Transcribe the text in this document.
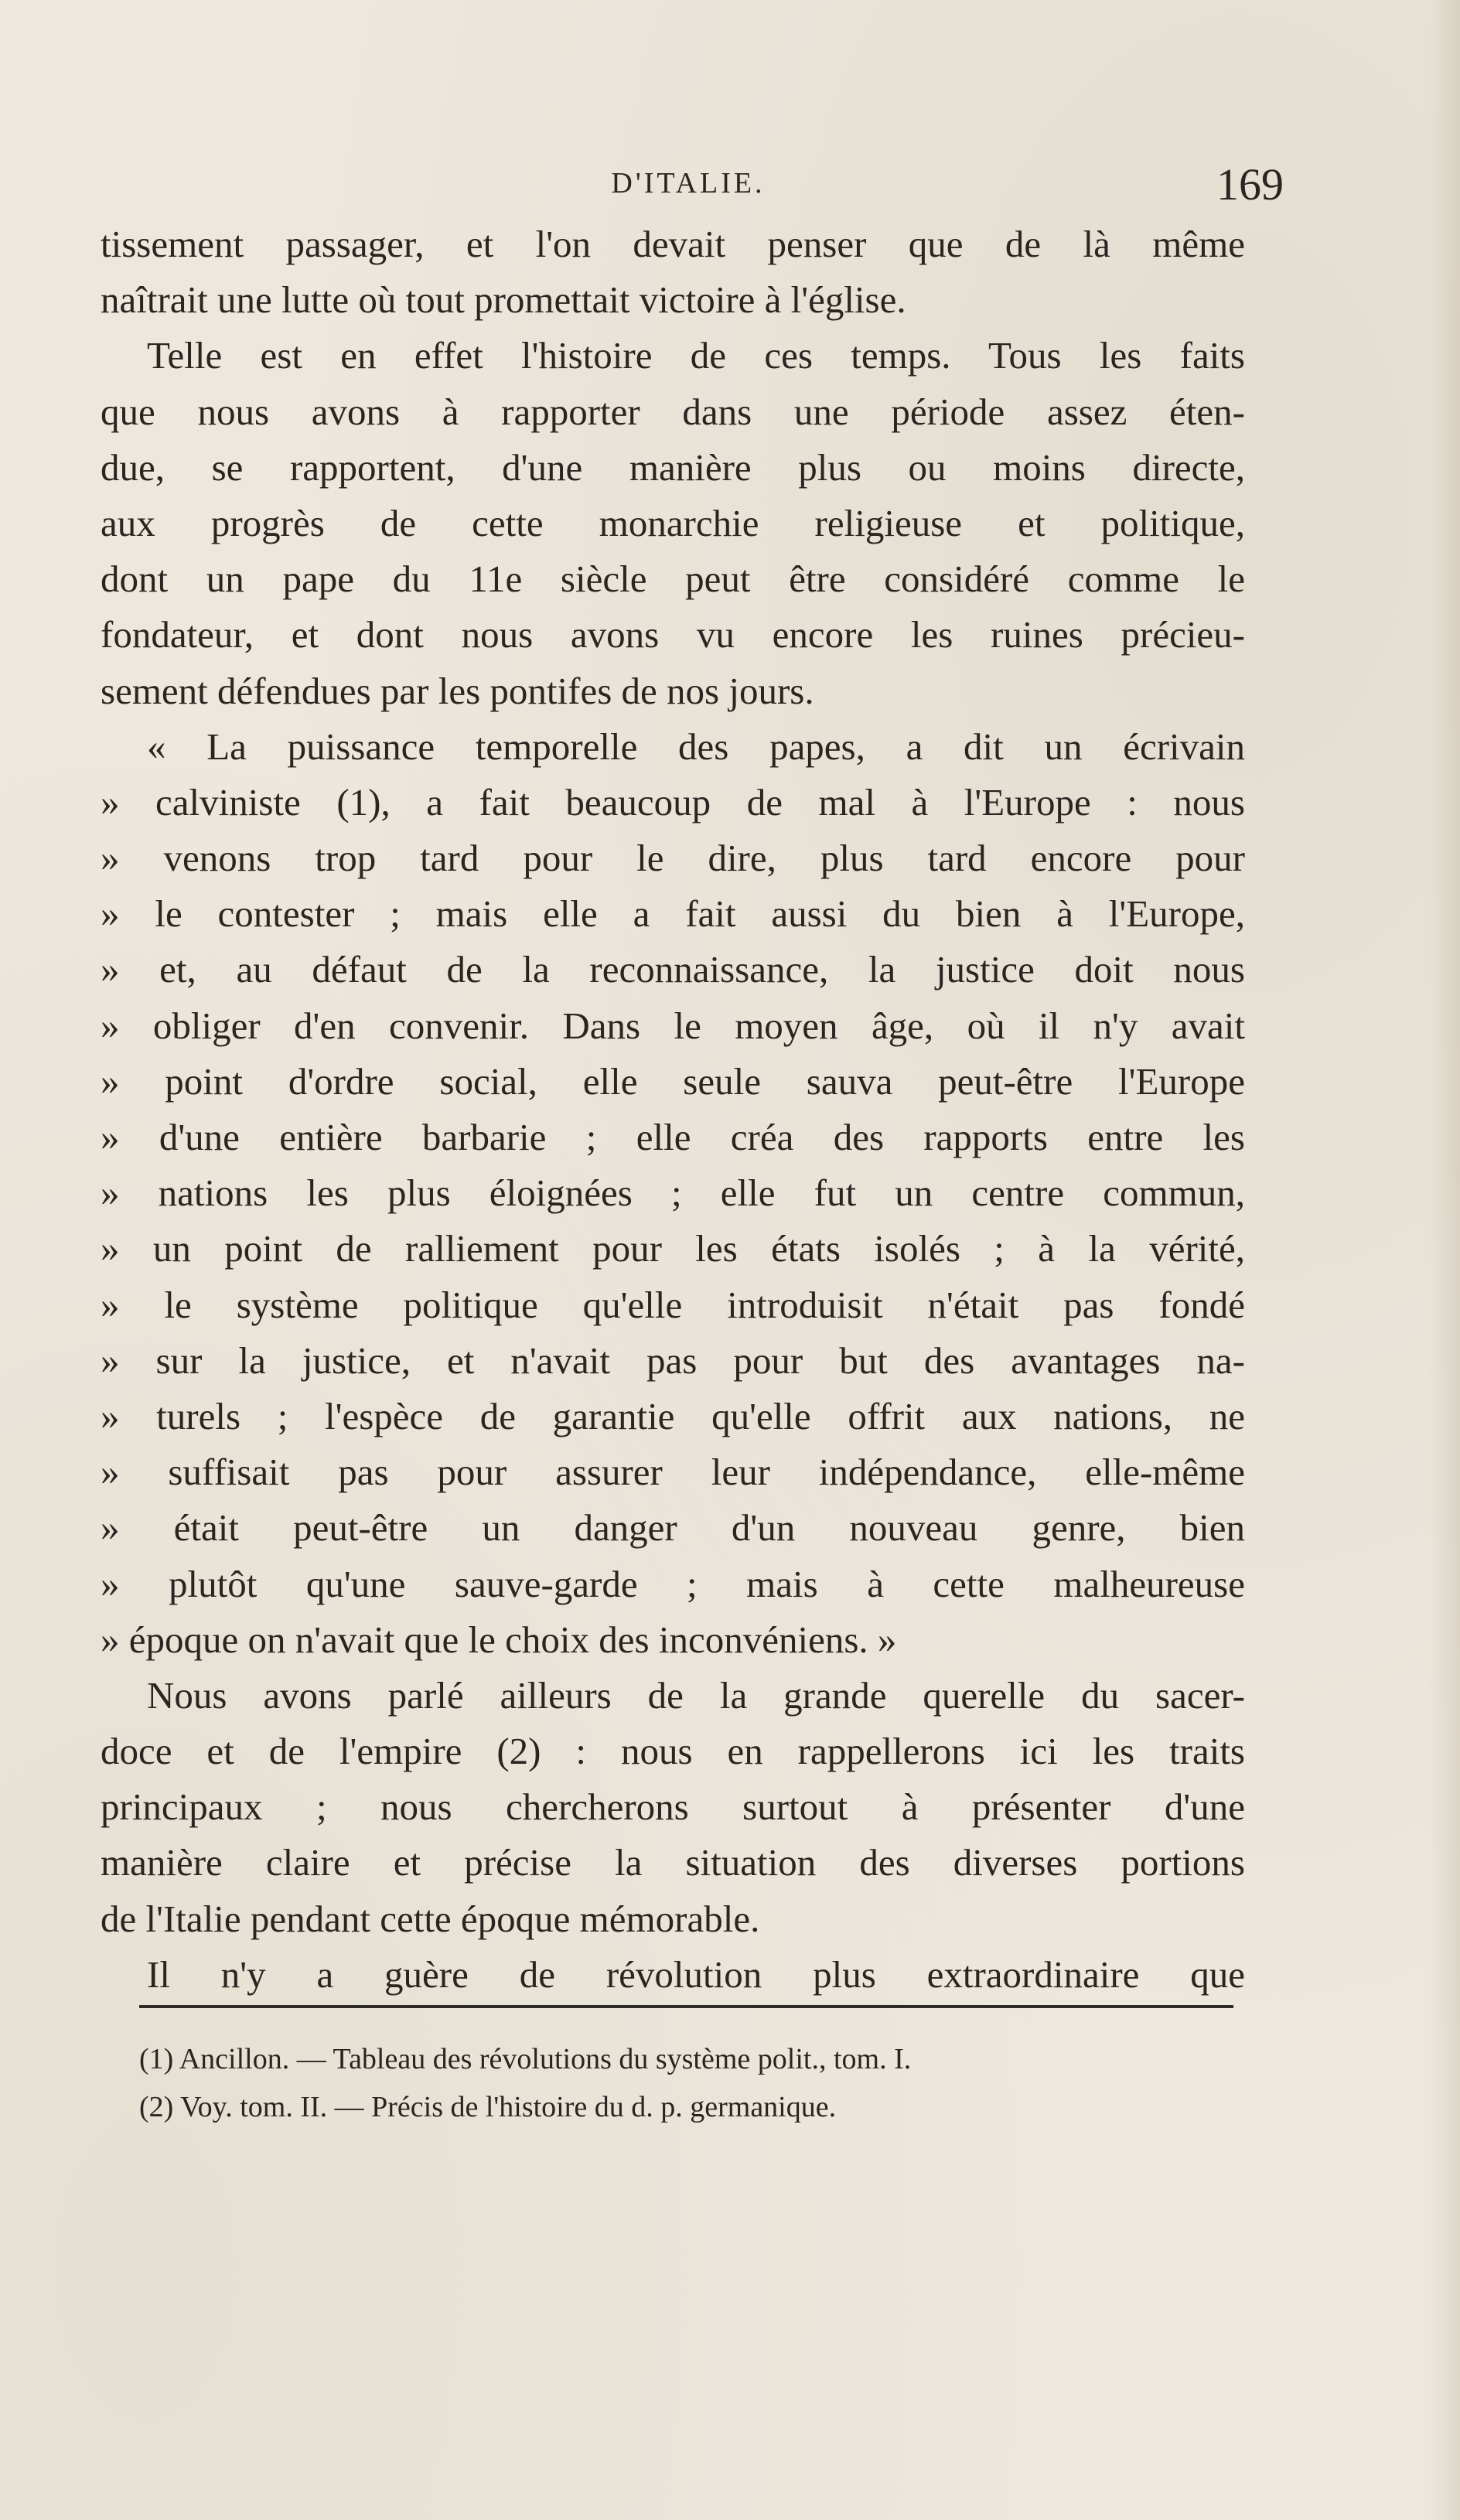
D'ITALIE.	169
tissement passager, et l'on devait penser que de là même
naîtrait une lutte où tout promettait victoire à l'église.
Telle est en effet l'histoire de ces temps. Tous les faits
que nous avons à rapporter dans une période assez éten-
due, se rapportent, d'une manière plus ou moins directe,
aux progrès de cette monarchie religieuse et politique,
dont un pape du 11e siècle peut être considéré comme le
fondateur, et dont nous avons vu encore les ruines précieu-
sement défendues par les pontifes de nos jours.
« La puissance temporelle des papes, a dit un écrivain
» calviniste (1), a fait beaucoup de mal à l'Europe : nous
» venons trop tard pour le dire, plus tard encore pour
» le contester ; mais elle a fait aussi du bien à l'Europe,
» et, au défaut de la reconnaissance, la justice doit nous
» obliger d'en convenir. Dans le moyen âge, où il n'y avait
» point d'ordre social, elle seule sauva peut-être l'Europe
» d'une entière barbarie ; elle créa des rapports entre les
» nations les plus éloignées ; elle fut un centre commun,
» un point de ralliement pour les états isolés ; à la vérité,
» le système politique qu'elle introduisit n'était pas fondé
» sur la justice, et n'avait pas pour but des avantages na-
» turels ; l'espèce de garantie qu'elle offrit aux nations, ne
» suffisait pas pour assurer leur indépendance, elle-même
» était peut-être un danger d'un nouveau genre, bien
» plutôt qu'une sauve-garde ; mais à cette malheureuse
» époque on n'avait que le choix des inconvéniens. »
Nous avons parlé ailleurs de la grande querelle du sacer-
doce et de l'empire (2) : nous en rappellerons ici les traits
principaux ; nous chercherons surtout à présenter d'une
manière claire et précise la situation des diverses portions
de l'Italie pendant cette époque mémorable.
Il n'y a guère de révolution plus extraordinaire que
(1) Ancillon. — Tableau des révolutions du système polit., tom. I.
(2) Voy. tom. II. — Précis de l'histoire du d. p. germanique.
